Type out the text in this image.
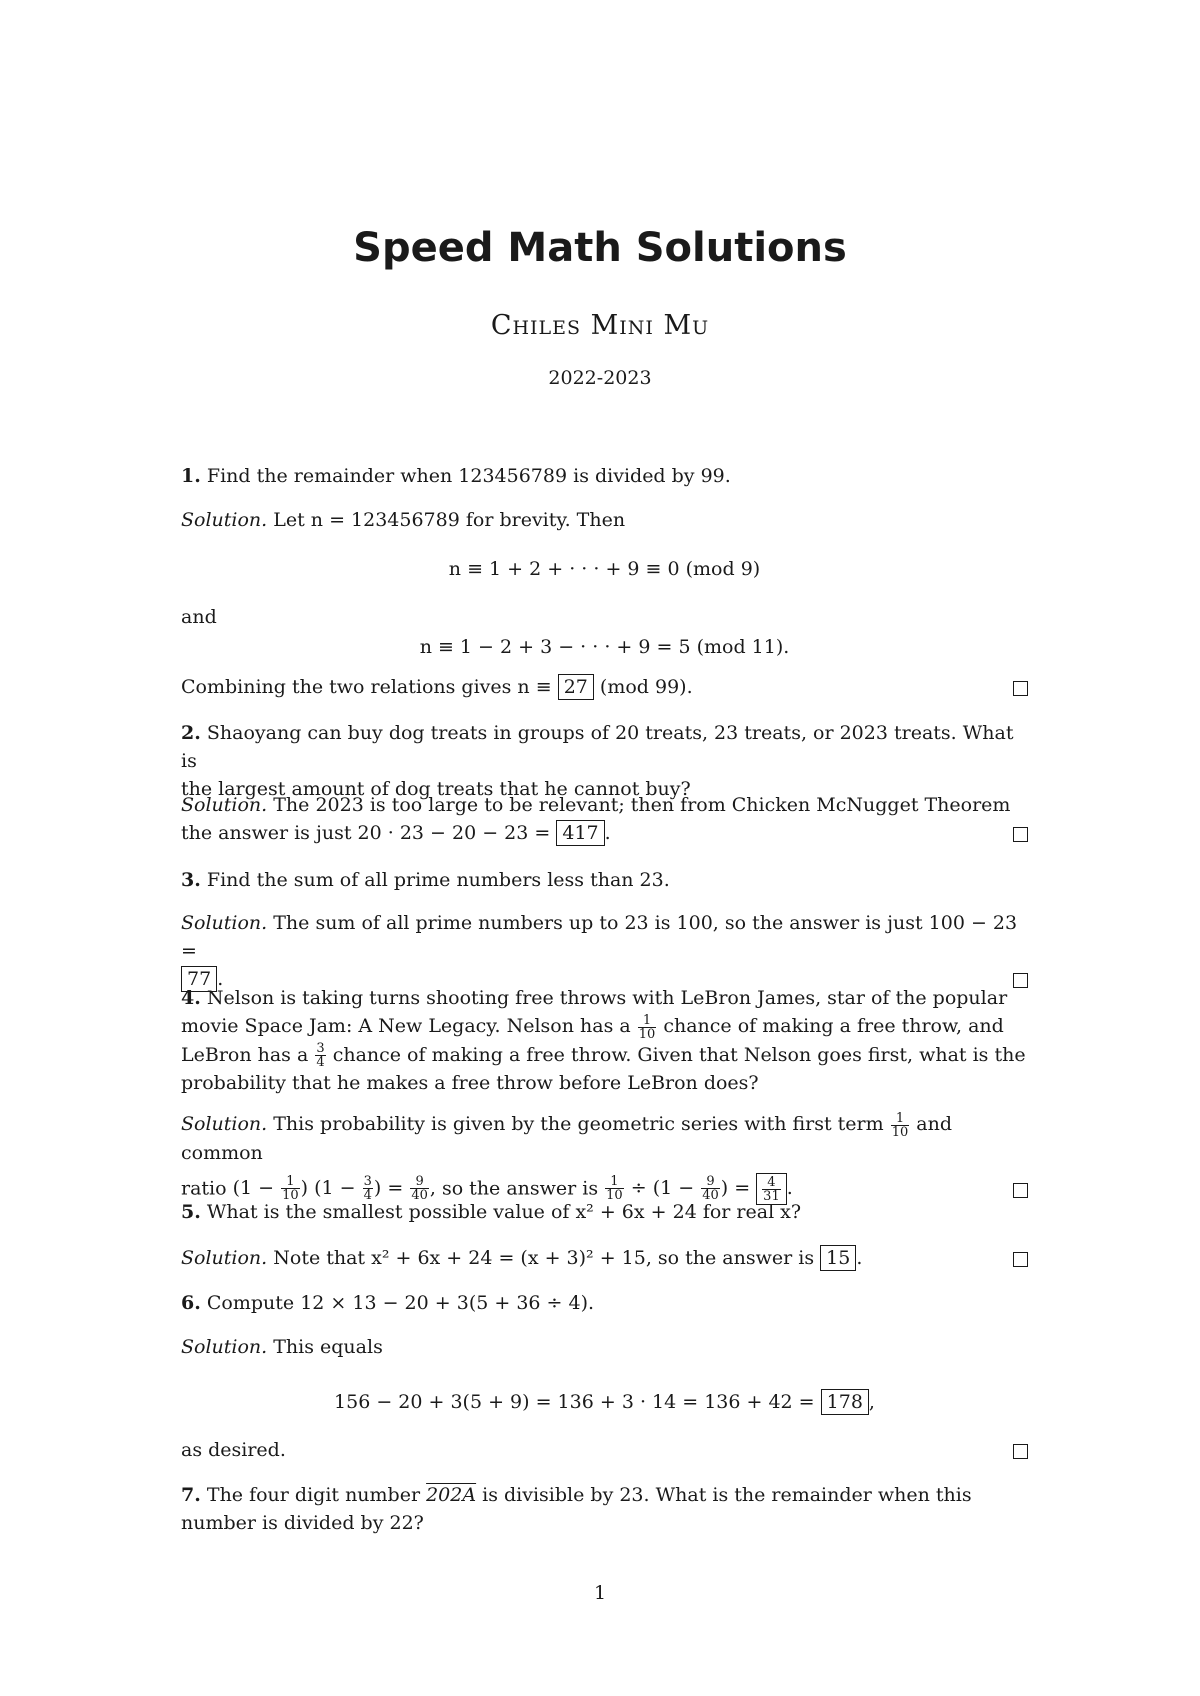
Speed Math Solutions
Chiles Mini Mu
2022-2023
1. Find the remainder when 123456789 is divided by 99.
Solution. Let n = 123456789 for brevity. Then
n ≡ 1 + 2 + · · · + 9 ≡ 0 (mod 9)
and
n ≡ 1 − 2 + 3 − · · · + 9 = 5 (mod 11).
Combining the two relations gives n ≡ 27 (mod 99).
2. Shaoyang can buy dog treats in groups of 20 treats, 23 treats, or 2023 treats. What is
the largest amount of dog treats that he cannot buy?
Solution. The 2023 is too large to be relevant; then from Chicken McNugget Theorem
the answer is just 20 · 23 − 20 − 23 = 417 .
3. Find the sum of all prime numbers less than 23.
Solution. The sum of all prime numbers up to 23 is 100, so the answer is just 100 − 23 =
77 .
4. Nelson is taking turns shooting free throws with LeBron James, star of the popular
movie Space Jam: A New Legacy. Nelson has a $\frac{1}{10}$ chance of making a free throw, and
LeBron has a $\frac{3}{4}$ chance of making a free throw. Given that Nelson goes first, what is the
probability that he makes a free throw before LeBron does?
Solution. This probability is given by the geometric series with first term $\frac{1}{10}$ and common
ratio ($1 - \frac{1}{10}$ ) ($1 - \frac{3}{4}$ ) = $\frac{9}{40}$ , so the answer is $\frac{1}{10} \div (1 - \frac{9}{40}$ ) = $\frac{4}{31}$ .
5. What is the smallest possible value of x² + 6x + 24 for real x?
Solution. Note that x² + 6x + 24 = (x + 3)² + 15, so the answer is 15 .
6. Compute 12 × 13 − 20 + 3(5 + 36 ÷ 4).
Solution. This equals
156 − 20 + 3(5 + 9) = 136 + 3 · 14 = 136 + 42 = 178 ,
as desired.
7. The four digit number 202A is divisible by 23. What is the remainder when this
number is divided by 22?
1
